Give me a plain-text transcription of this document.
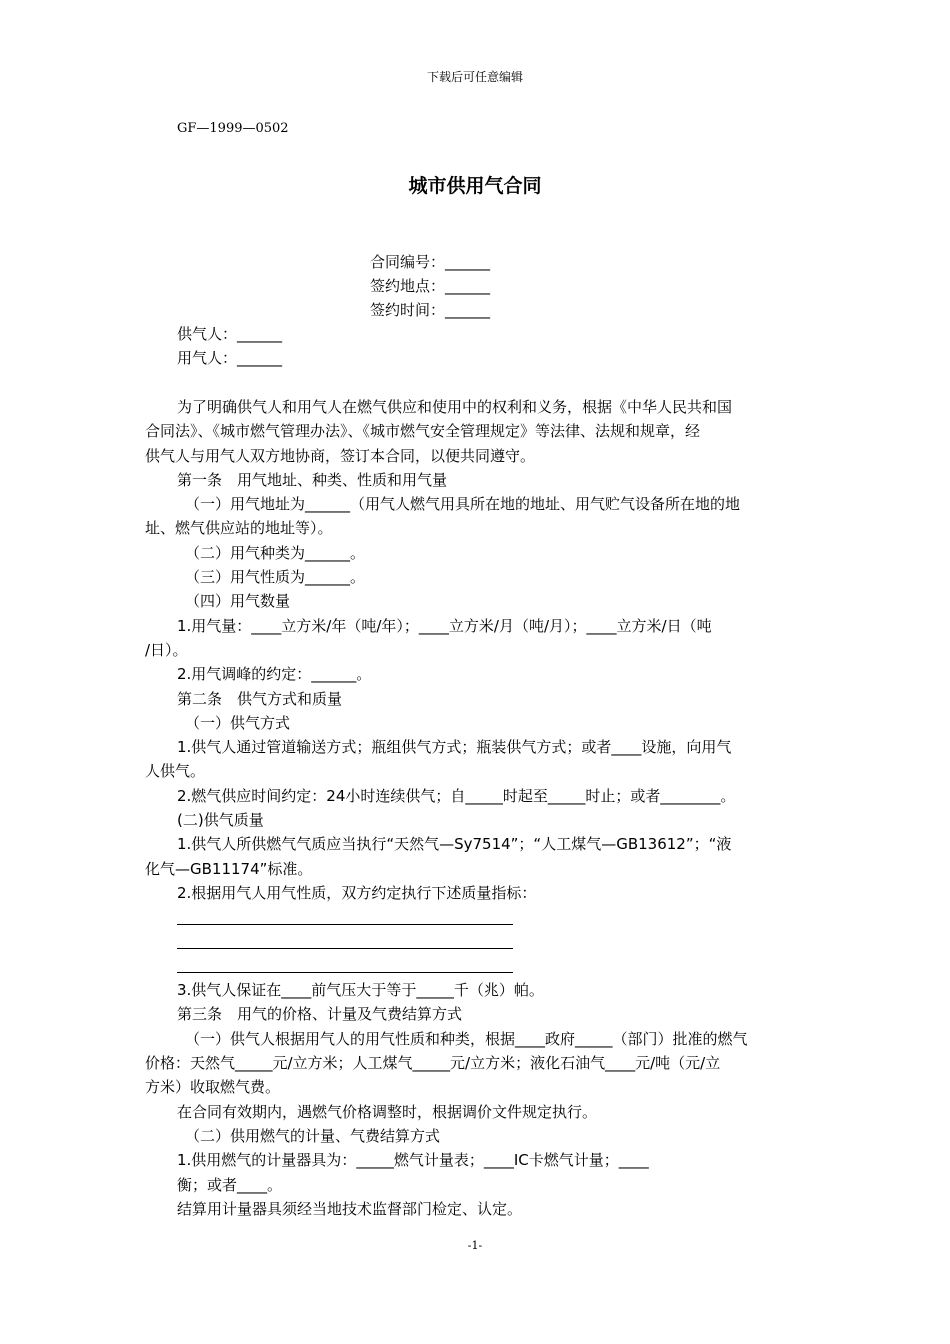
下载后可任意编辑
GF—1999—0502
城市供用气合同
合同编号：______
签约地点：______
签约时间：______
供气人：______
用气人：______

为了明确供气人和用气人在燃气供应和使用中的权利和义务，根据《中华人民共和国

合同法》、《城市燃气管理办法》、《城市燃气安全管理规定》等法律、法规和规章，经

供气人与用气人双方地协商，签订本合同，以便共同遵守。

第一条　用气地址、种类、性质和用气量

（一）用气地址为______（用气人燃气用具所在地的地址、用气贮气设备所在地的地

址、燃气供应站的地址等）。

（二）用气种类为______。

（三）用气性质为______。

（四）用气数量

1.用气量：____立方米/年（吨/年）；____立方米/月（吨/月）；____立方米/日（吨

/日）。

2.用气调峰的约定：______。

第二条　供气方式和质量

（一）供气方式

1.供气人通过管道输送方式；瓶组供气方式；瓶装供气方式；或者____设施，向用气

人供气。

2.燃气供应时间约定：24小时连续供气；自_____时起至_____时止；或者________。

(二)供气质量

1.供气人所供燃气气质应当执行“天然气—Sy7514”；“人工煤气—GB13612”；“液

化气—GB11174”标准。

2.根据用气人用气性质，双方约定执行下述质量指标：

3.供气人保证在____前气压大于等于_____千（兆）帕。

第三条　用气的价格、计量及气费结算方式

（一）供气人根据用气人的用气性质和种类，根据____政府_____（部门）批准的燃气

价格：天然气_____元/立方米；人工煤气_____元/立方米；液化石油气____元/吨（元/立

方米）收取燃气费。

在合同有效期内，遇燃气价格调整时，根据调价文件规定执行。

（二）供用燃气的计量、气费结算方式

1.供用燃气的计量器具为：_____燃气计量表；____IC卡燃气计量；____

衡；或者____。

结算用计量器具须经当地技术监督部门检定、认定。

-1-
